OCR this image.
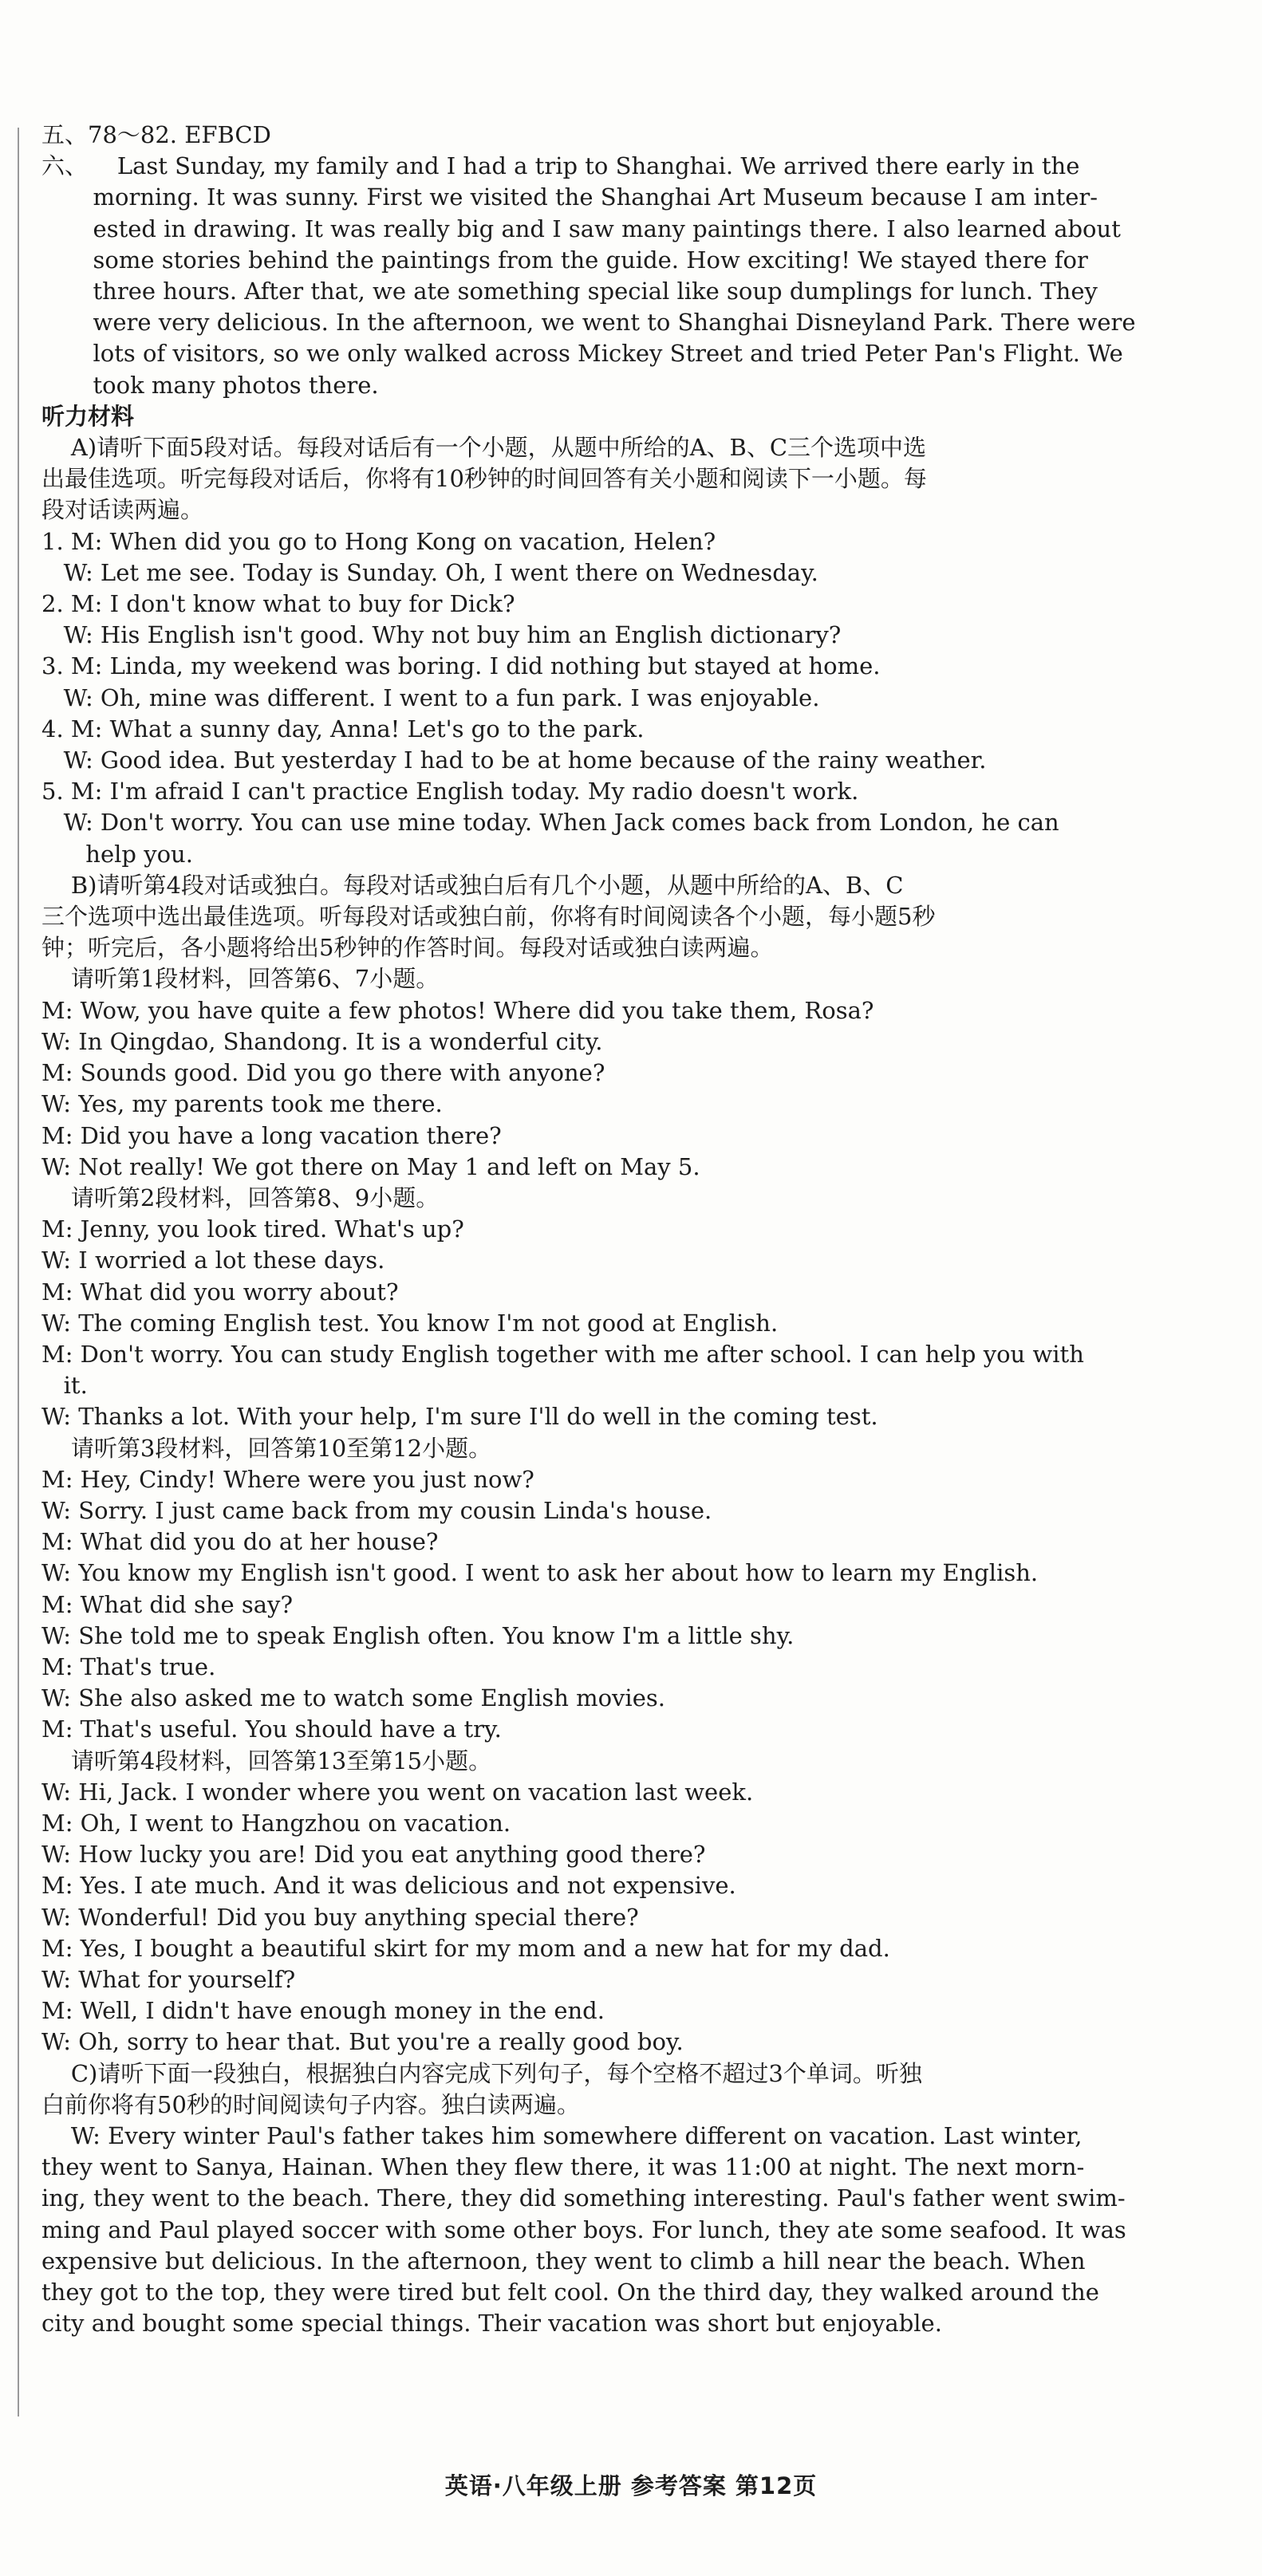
五、78～82. EFBCD
六、    Last Sunday, my family and I had a trip to Shanghai. We arrived there early in the
morning. It was sunny. First we visited the Shanghai Art Museum because I am inter-
ested in drawing. It was really big and I saw many paintings there. I also learned about
some stories behind the paintings from the guide. How exciting! We stayed there for
three hours. After that, we ate something special like soup dumplings for lunch. They
were very delicious. In the afternoon, we went to Shanghai Disneyland Park. There were
lots of visitors, so we only walked across Mickey Street and tried Peter Pan's Flight. We
took many photos there.
听力材料
A)请听下面5段对话。每段对话后有一个小题，从题中所给的A、B、C三个选项中选
出最佳选项。听完每段对话后，你将有10秒钟的时间回答有关小题和阅读下一小题。每
段对话读两遍。
1. M: When did you go to Hong Kong on vacation, Helen?
W: Let me see. Today is Sunday. Oh, I went there on Wednesday.
2. M: I don't know what to buy for Dick?
W: His English isn't good. Why not buy him an English dictionary?
3. M: Linda, my weekend was boring. I did nothing but stayed at home.
W: Oh, mine was different. I went to a fun park. I was enjoyable.
4. M: What a sunny day, Anna! Let's go to the park.
W: Good idea. But yesterday I had to be at home because of the rainy weather.
5. M: I'm afraid I can't practice English today. My radio doesn't work.
W: Don't worry. You can use mine today. When Jack comes back from London, he can
help you.
B)请听第4段对话或独白。每段对话或独白后有几个小题，从题中所给的A、B、C
三个选项中选出最佳选项。听每段对话或独白前，你将有时间阅读各个小题，每小题5秒
钟；听完后，各小题将给出5秒钟的作答时间。每段对话或独白读两遍。
请听第1段材料，回答第6、7小题。
M: Wow, you have quite a few photos! Where did you take them, Rosa?
W: In Qingdao, Shandong. It is a wonderful city.
M: Sounds good. Did you go there with anyone?
W: Yes, my parents took me there.
M: Did you have a long vacation there?
W: Not really! We got there on May 1 and left on May 5.
请听第2段材料，回答第8、9小题。
M: Jenny, you look tired. What's up?
W: I worried a lot these days.
M: What did you worry about?
W: The coming English test. You know I'm not good at English.
M: Don't worry. You can study English together with me after school. I can help you with
it.
W: Thanks a lot. With your help, I'm sure I'll do well in the coming test.
请听第3段材料，回答第10至第12小题。
M: Hey, Cindy! Where were you just now?
W: Sorry. I just came back from my cousin Linda's house.
M: What did you do at her house?
W: You know my English isn't good. I went to ask her about how to learn my English.
M: What did she say?
W: She told me to speak English often. You know I'm a little shy.
M: That's true.
W: She also asked me to watch some English movies.
M: That's useful. You should have a try.
请听第4段材料，回答第13至第15小题。
W: Hi, Jack. I wonder where you went on vacation last week.
M: Oh, I went to Hangzhou on vacation.
W: How lucky you are! Did you eat anything good there?
M: Yes. I ate much. And it was delicious and not expensive.
W: Wonderful! Did you buy anything special there?
M: Yes, I bought a beautiful skirt for my mom and a new hat for my dad.
W: What for yourself?
M: Well, I didn't have enough money in the end.
W: Oh, sorry to hear that. But you're a really good boy.
C)请听下面一段独白，根据独白内容完成下列句子，每个空格不超过3个单词。听独
白前你将有50秒的时间阅读句子内容。独白读两遍。
W: Every winter Paul's father takes him somewhere different on vacation. Last winter,
they went to Sanya, Hainan. When they flew there, it was 11:00 at night. The next morn-
ing, they went to the beach. There, they did something interesting. Paul's father went swim-
ming and Paul played soccer with some other boys. For lunch, they ate some seafood. It was
expensive but delicious. In the afternoon, they went to climb a hill near the beach. When
they got to the top, they were tired but felt cool. On the third day, they walked around the
city and bought some special things. Their vacation was short but enjoyable.
英语·八年级上册 参考答案 第12页
